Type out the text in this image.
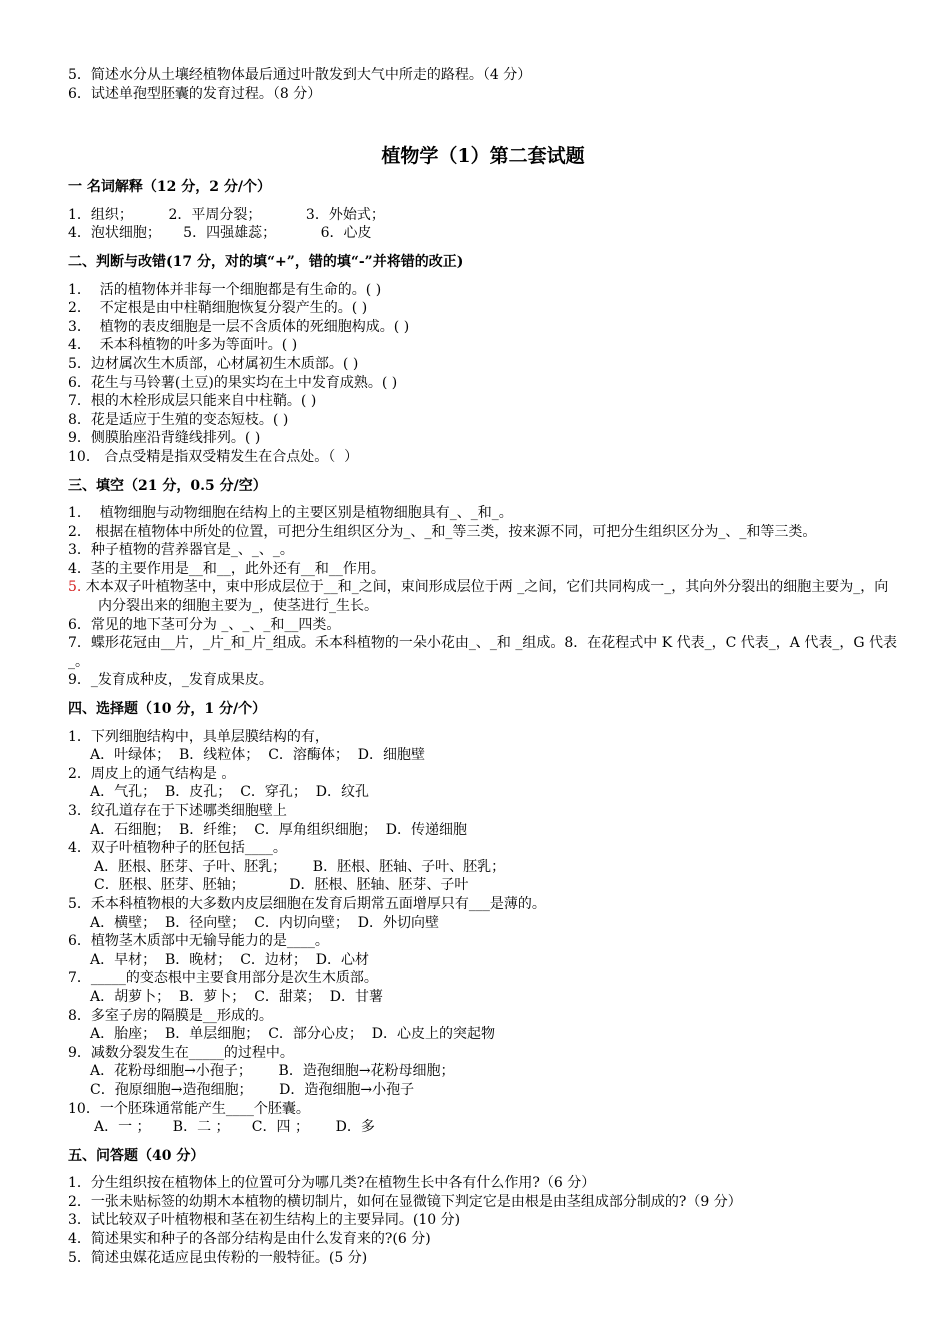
5．简述水分从土壤经植物体最后通过叶散发到大气中所走的路程。（4 分）
6．试述单孢型胚囊的发育过程。（8 分）
植物学（1）第二套试题
一 名词解释（12 分，2 分/个）
1．组织；        2．平周分裂；          3．外始式；
4．泡状细胞；     5．四强雄蕊；          6．心皮
二、判断与改错(17 分，对的填“+”，错的填“-”并将错的改正)
1．  活的植物体并非每一个细胞都是有生命的。( )
2．  不定根是由中柱鞘细胞恢复分裂产生的。( )
3．  植物的表皮细胞是一层不含质体的死细胞构成。( )
4．  禾本科植物的叶多为等面叶。( )
5．边材属次生木质部，心材属初生木质部。( )
6．花生与马铃薯(土豆)的果实均在土中发育成熟。( )
7．根的木栓形成层只能来自中柱鞘。( )
8．花是适应于生殖的变态短枝。( )
9．侧膜胎座沿背缝线排列。( )
10． 合点受精是指双受精发生在合点处。（  ）
三、填空（21 分，0.5 分/空）
1．  植物细胞与动物细胞在结构上的主要区别是植物细胞具有_、_和_。
2． 根据在植物体中所处的位置，可把分生组织区分为_、_和_等三类，按来源不同，可把分生组织区分为_、_和等三类。
3．种子植物的营养器官是_、_、_。
4．茎的主要作用是__和__，此外还有__和__作用。
5. 木本双子叶植物茎中，束中形成层位于__和_之间，束间形成层位于两 _之间，它们共同构成一_，其向外分裂出的细胞主要为_，向内分裂出来的细胞主要为_，使茎进行_生长。
6．常见的地下茎可分为 _、_、_和__四类。
7．蝶形花冠由__片，_片_和_片_组成。禾本科植物的一朵小花由_、_和 _组成。8．在花程式中 K 代表_，C 代表_，A 代表_，G 代表_。
9．_发育成种皮，_发育成果皮。
四、选择题（10 分，1 分/个）
1．下列细胞结构中，具单层膜结构的有，
A．叶绿体；  B．线粒体；  C．溶酶体；  D．细胞壁
2．周皮上的通气结构是 。
A．气孔；  B．皮孔；  C．穿孔；  D．纹孔
3．纹孔道存在于下述哪类细胞壁上
A．石细胞；  B．纤维；  C．厚角组织细胞；  D．传递细胞
4．双子叶植物种子的胚包括____。
A．胚根、胚芽、子叶、胚乳；      B．胚根、胚轴、子叶、胚乳；
C．胚根、胚芽、胚轴；          D．胚根、胚轴、胚芽、子叶
5．禾本科植物根的大多数内皮层细胞在发育后期常五面增厚只有___是薄的。
A．横壁；  B．径向壁；  C．内切向壁；  D．外切向壁
6．植物茎木质部中无输导能力的是____。
A．早材；  B．晚材；  C．边材；  D．心材
7．_____的变态根中主要食用部分是次生木质部。
A．胡萝卜；  B．萝卜；  C．甜菜；  D．甘薯
8．多室子房的隔膜是__形成的。
A．胎座；  B．单层细胞；  C．部分心皮；  D．心皮上的突起物
9．减数分裂发生在_____的过程中。
A．花粉母细胞→小孢子；      B．造孢细胞→花粉母细胞；
C．孢原细胞→造孢细胞；      D．造孢细胞→小孢子
10．一个胚珠通常能产生____个胚囊。
A．一 ；     B．二 ；     C．四 ；      D．多
五、问答题（40 分）
1．分生组织按在植物体上的位置可分为哪几类?在植物生长中各有什么作用?（6 分）
2．一张未贴标签的幼期木本植物的横切制片，如何在显微镜下判定它是由根是由茎组成部分制成的?（9 分）
3．试比较双子叶植物根和茎在初生结构上的主要异同。(10 分)
4．简述果实和种子的各部分结构是由什么发育来的?(6 分)
5．简述虫媒花适应昆虫传粉的一般特征。(5 分)
